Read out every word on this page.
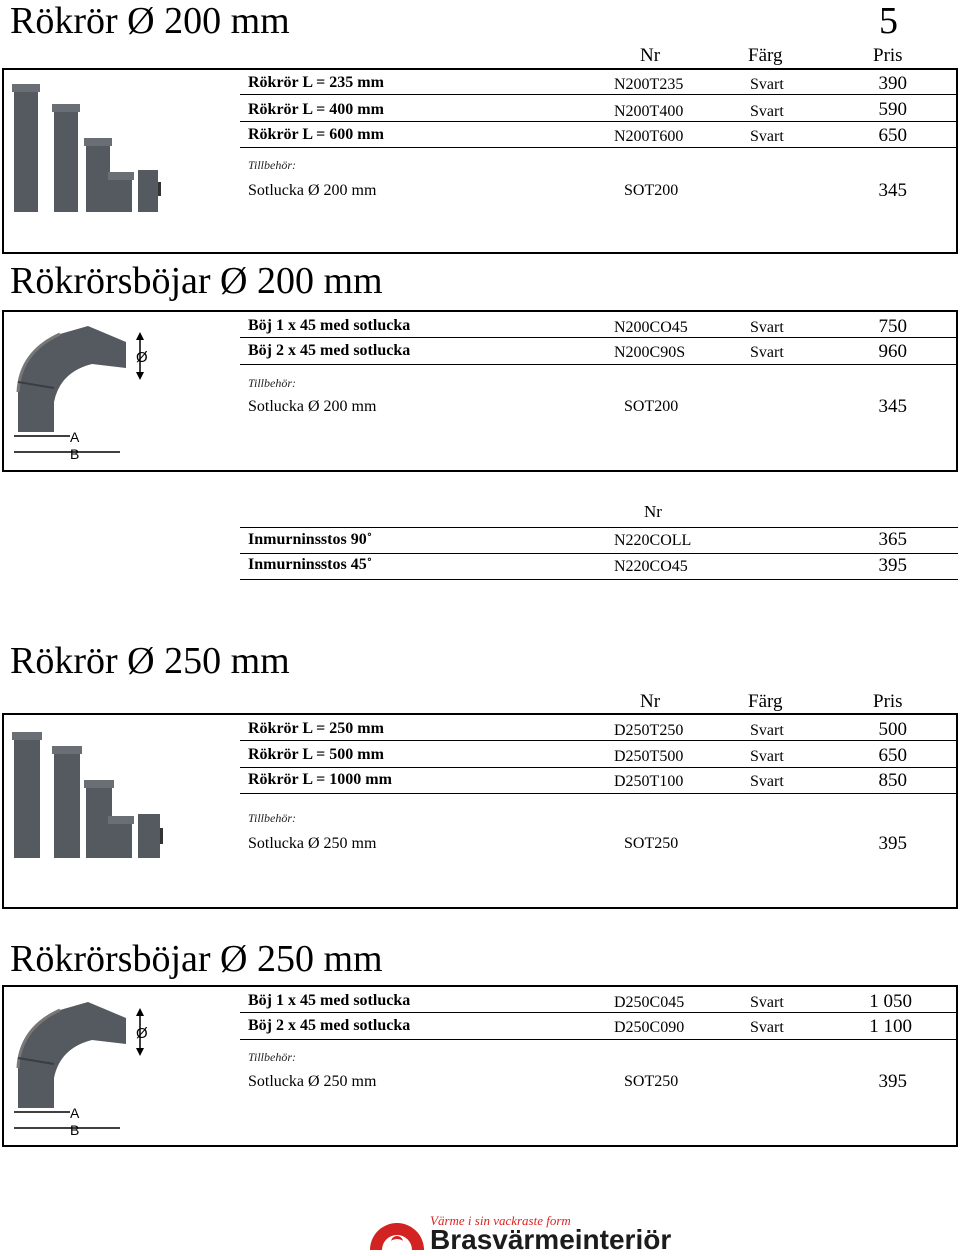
Rökrör Ø 200 mm	5
Nr	Färg	Pris
Rökrör L = 235 mm	N200T235	Svart	390
Rökrör L = 400 mm	N200T400	Svart	590
Rökrör L = 600 mm	N200T600	Svart	650
Tillbehör:
Sotlucka Ø 200 mm	SOT200	345
Rökrörsböjar Ø 200 mm
Ø
A
B
Böj 1 x 45 med sotlucka	N200CO45	Svart	750
Böj 2 x 45 med sotlucka	N200C90S	Svart	960
Tillbehör:
Sotlucka Ø 200 mm	SOT200	345
Nr
Inmurninsstos 90˚	N220COLL	365
Inmurninsstos 45˚	N220CO45	395
Rökrör Ø 250 mm
Nr	Färg	Pris
Rökrör L = 250 mm	D250T250	Svart	500
Rökrör L = 500 mm	D250T500	Svart	650
Rökrör L = 1000 mm	D250T100	Svart	850
Tillbehör:
Sotlucka Ø 250 mm	SOT250	395
Rökrörsböjar Ø 250 mm
Ø
A
B
Böj 1 x 45 med sotlucka	D250C045	Svart	1 050
Böj 2 x 45 med sotlucka	D250C090	Svart	1 100
Tillbehör:
Sotlucka Ø 250 mm	SOT250	395
Värme i sin vackraste form
Brasvärmeinteriör
